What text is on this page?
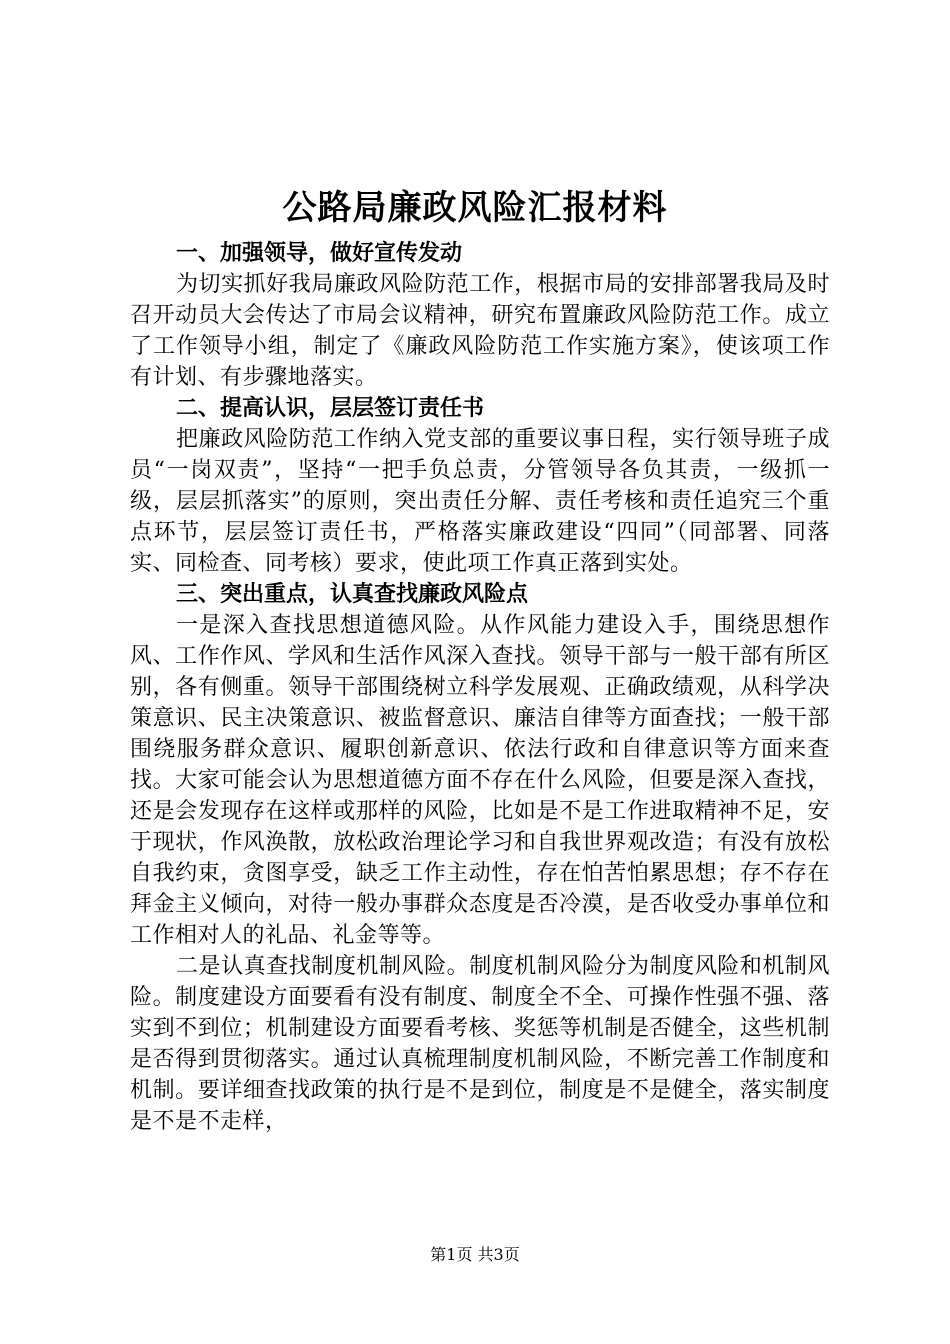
公路局廉政风险汇报材料
一、加强领导，做好宣传发动

为切实抓好我局廉政风险防范工作，根据市局的安排部署我局及时召开动员大会传达了市局会议精神，研究布置廉政风险防范工作。成立了工作领导小组，制定了《廉政风险防范工作实施方案》，使该项工作有计划、有步骤地落实。

二、提高认识，层层签订责任书

把廉政风险防范工作纳入党支部的重要议事日程，实行领导班子成员“一岗双责”，坚持“一把手负总责，分管领导各负其责，一级抓一级，层层抓落实”的原则，突出责任分解、责任考核和责任追究三个重点环节，层层签订责任书，严格落实廉政建设“四同”（同部署、同落实、同检查、同考核）要求，使此项工作真正落到实处。

三、突出重点，认真查找廉政风险点

一是深入查找思想道德风险。从作风能力建设入手，围绕思想作风、工作作风、学风和生活作风深入查找。领导干部与一般干部有所区别，各有侧重。领导干部围绕树立科学发展观、正确政绩观，从科学决策意识、民主决策意识、被监督意识、廉洁自律等方面查找；一般干部围绕服务群众意识、履职创新意识、依法行政和自律意识等方面来查找。大家可能会认为思想道德方面不存在什么风险，但要是深入查找，还是会发现存在这样或那样的风险，比如是不是工作进取精神不足，安于现状，作风涣散，放松政治理论学习和自我世界观改造；有没有放松自我约束，贪图享受，缺乏工作主动性，存在怕苦怕累思想；存不存在拜金主义倾向，对待一般办事群众态度是否冷漠，是否收受办事单位和工作相对人的礼品、礼金等等。

二是认真查找制度机制风险。制度机制风险分为制度风险和机制风险。制度建设方面要看有没有制度、制度全不全、可操作性强不强、落实到不到位；机制建设方面要看考核、奖惩等机制是否健全，这些机制是否得到贯彻落实。通过认真梳理制度机制风险，不断完善工作制度和机制。要详细查找政策的执行是不是到位，制度是不是健全，落实制度是不是不走样，

第1页 共3页
